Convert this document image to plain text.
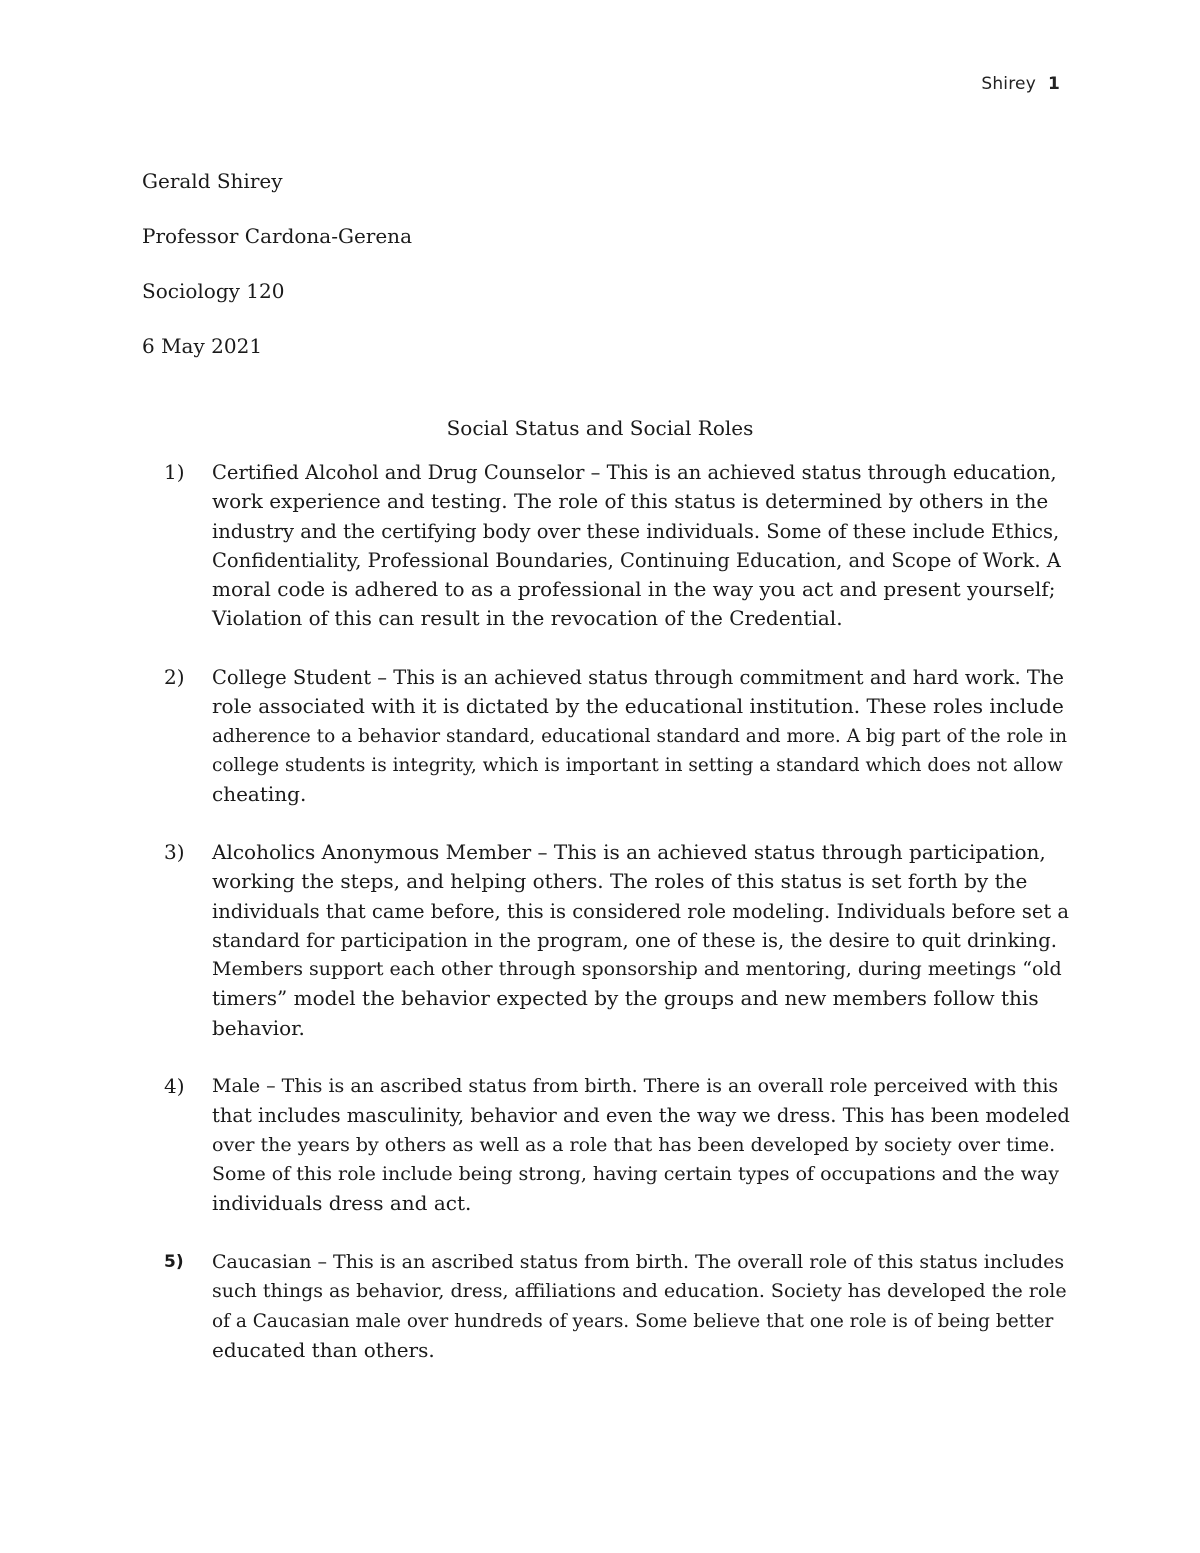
Shirey 1
Gerald Shirey
Professor Cardona-Gerena
Sociology 120
6 May 2021
Social Status and Social Roles
1) Certified Alcohol and Drug Counselor – This is an achieved status through education,
work experience and testing. The role of this status is determined by others in the
industry and the certifying body over these individuals. Some of these include Ethics,
Confidentiality, Professional Boundaries, Continuing Education, and Scope of Work. A
moral code is adhered to as a professional in the way you act and present yourself;
Violation of this can result in the revocation of the Credential.
2) College Student – This is an achieved status through commitment and hard work. The
role associated with it is dictated by the educational institution. These roles include
adherence to a behavior standard, educational standard and more. A big part of the role in
college students is integrity, which is important in setting a standard which does not allow
cheating.
3) Alcoholics Anonymous Member – This is an achieved status through participation,
working the steps, and helping others. The roles of this status is set forth by the
individuals that came before, this is considered role modeling. Individuals before set a
standard for participation in the program, one of these is, the desire to quit drinking.
Members support each other through sponsorship and mentoring, during meetings “old
timers” model the behavior expected by the groups and new members follow this
behavior.
4) Male – This is an ascribed status from birth. There is an overall role perceived with this
that includes masculinity, behavior and even the way we dress. This has been modeled
over the years by others as well as a role that has been developed by society over time.
Some of this role include being strong, having certain types of occupations and the way
individuals dress and act.
5) Caucasian – This is an ascribed status from birth. The overall role of this status includes
such things as behavior, dress, affiliations and education. Society has developed the role
of a Caucasian male over hundreds of years. Some believe that one role is of being better
educated than others.
